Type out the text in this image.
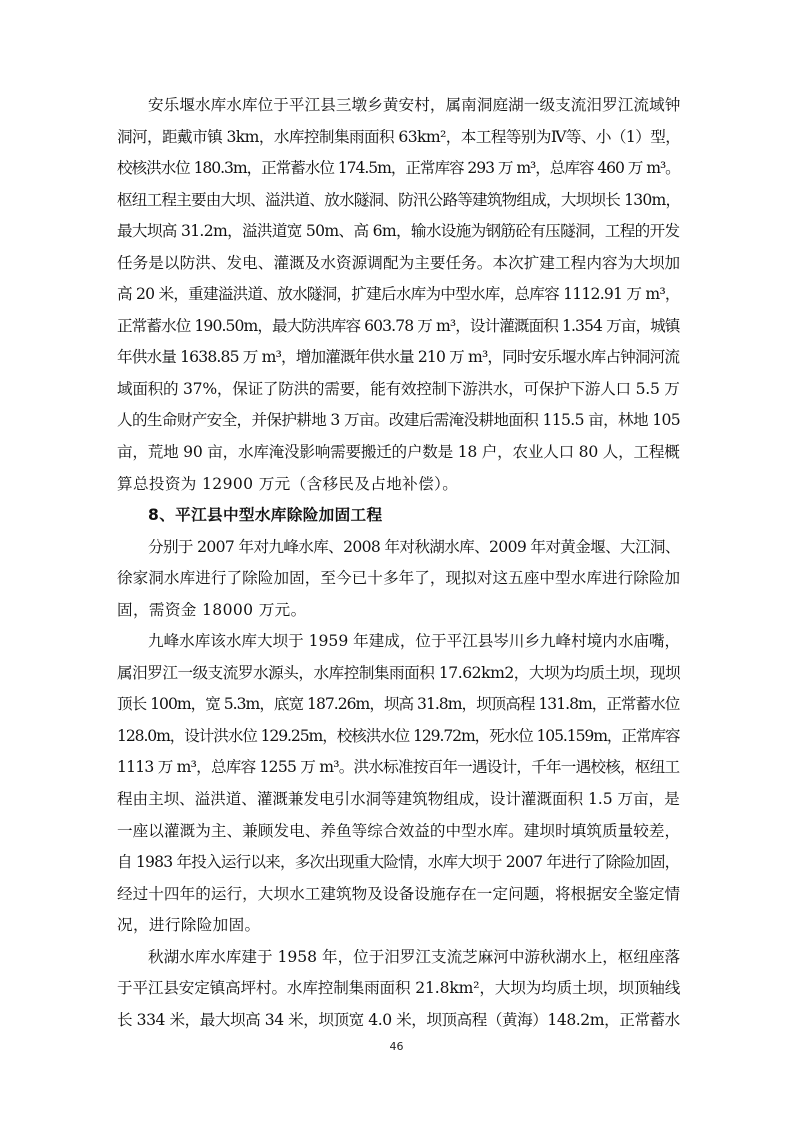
安乐堰水库水库位于平江县三墩乡黄安村，属南洞庭湖一级支流汨罗江流域钟
洞河，距戴市镇 3km，水库控制集雨面积 63km²，本工程等别为Ⅳ等、小（1）型，
校核洪水位 180.3m，正常蓄水位 174.5m，正常库容 293 万 m³，总库容 460 万 m³。
枢纽工程主要由大坝、溢洪道、放水隧洞、防汛公路等建筑物组成，大坝坝长 130m，
最大坝高 31.2m，溢洪道宽 50m、高 6m，输水设施为钢筋砼有压隧洞，工程的开发
任务是以防洪、发电、灌溉及水资源调配为主要任务。本次扩建工程内容为大坝加
高 20 米，重建溢洪道、放水隧洞，扩建后水库为中型水库，总库容 1112.91 万 m³，
正常蓄水位 190.50m，最大防洪库容 603.78 万 m³，设计灌溉面积 1.354 万亩，城镇
年供水量 1638.85 万 m³，增加灌溉年供水量 210 万 m³，同时安乐堰水库占钟洞河流
域面积的 37%，保证了防洪的需要，能有效控制下游洪水，可保护下游人口 5.5 万
人的生命财产安全，并保护耕地 3 万亩。改建后需淹没耕地面积 115.5 亩，林地 105
亩，荒地 90 亩，水库淹没影响需要搬迁的户数是 18 户，农业人口 80 人，工程概
算总投资为 12900 万元（含移民及占地补偿）。
8、平江县中型水库除险加固工程
分别于 2007 年对九峰水库、2008 年对秋湖水库、2009 年对黄金堰、大江洞、
徐家洞水库进行了除险加固，至今已十多年了，现拟对这五座中型水库进行除险加
固，需资金 18000 万元。
九峰水库该水库大坝于 1959 年建成，位于平江县岑川乡九峰村境内水庙嘴，
属汨罗江一级支流罗水源头，水库控制集雨面积 17.62km2，大坝为均质土坝，现坝
顶长 100m，宽 5.3m，底宽 187.26m，坝高 31.8m，坝顶高程 131.8m，正常蓄水位
128.0m，设计洪水位 129.25m，校核洪水位 129.72m，死水位 105.159m，正常库容
1113 万 m³，总库容 1255 万 m³。洪水标准按百年一遇设计，千年一遇校核，枢纽工
程由主坝、溢洪道、灌溉兼发电引水洞等建筑物组成，设计灌溉面积 1.5 万亩，是
一座以灌溉为主、兼顾发电、养鱼等综合效益的中型水库。建坝时填筑质量较差，
自 1983 年投入运行以来，多次出现重大险情，水库大坝于 2007 年进行了除险加固，
经过十四年的运行，大坝水工建筑物及设备设施存在一定问题，将根据安全鉴定情
况，进行除险加固。
秋湖水库水库建于 1958 年，位于汨罗江支流芝麻河中游秋湖水上，枢纽座落
于平江县安定镇高坪村。水库控制集雨面积 21.8km²，大坝为均质土坝，坝顶轴线
长 334 米，最大坝高 34 米，坝顶宽 4.0 米，坝顶高程（黄海）148.2m，正常蓄水
46
